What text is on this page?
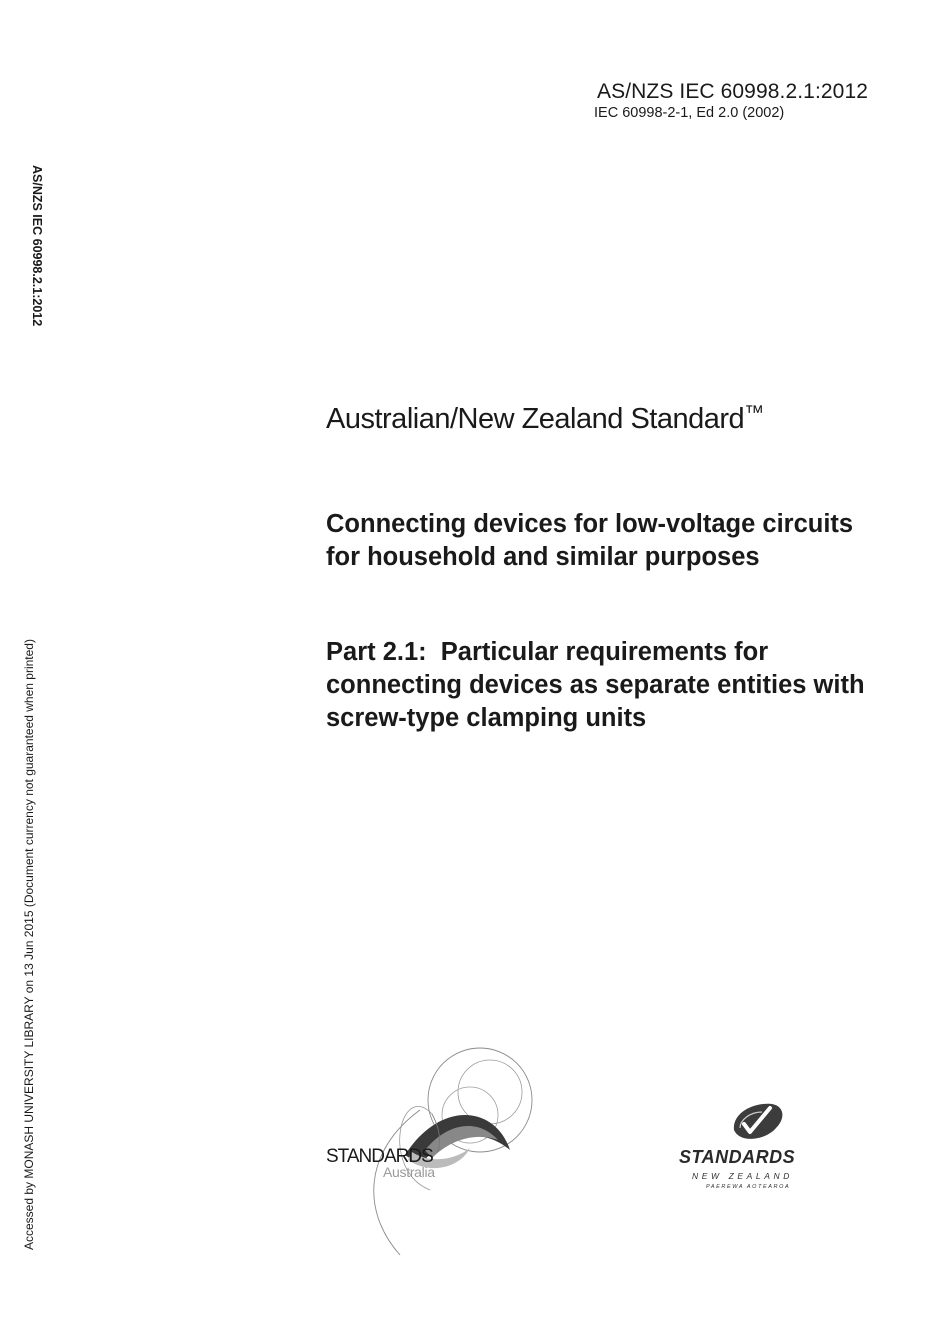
AS/NZS IEC 60998.2.1:2012
IEC 60998-2-1, Ed 2.0 (2002)
AS/NZS IEC 60998.2.1:2012
Accessed by MONASH UNIVERSITY LIBRARY on 13 Jun 2015 (Document currency not guaranteed when printed)
Australian/New Zealand Standard™
Connecting devices for low-voltage circuits for household and similar purposes
Part 2.1:  Particular requirements for connecting devices as separate entities with screw-type clamping units
STANDARDS
Australia
STANDARDS
NEW ZEALAND
PAEREWA AOTEAROA
